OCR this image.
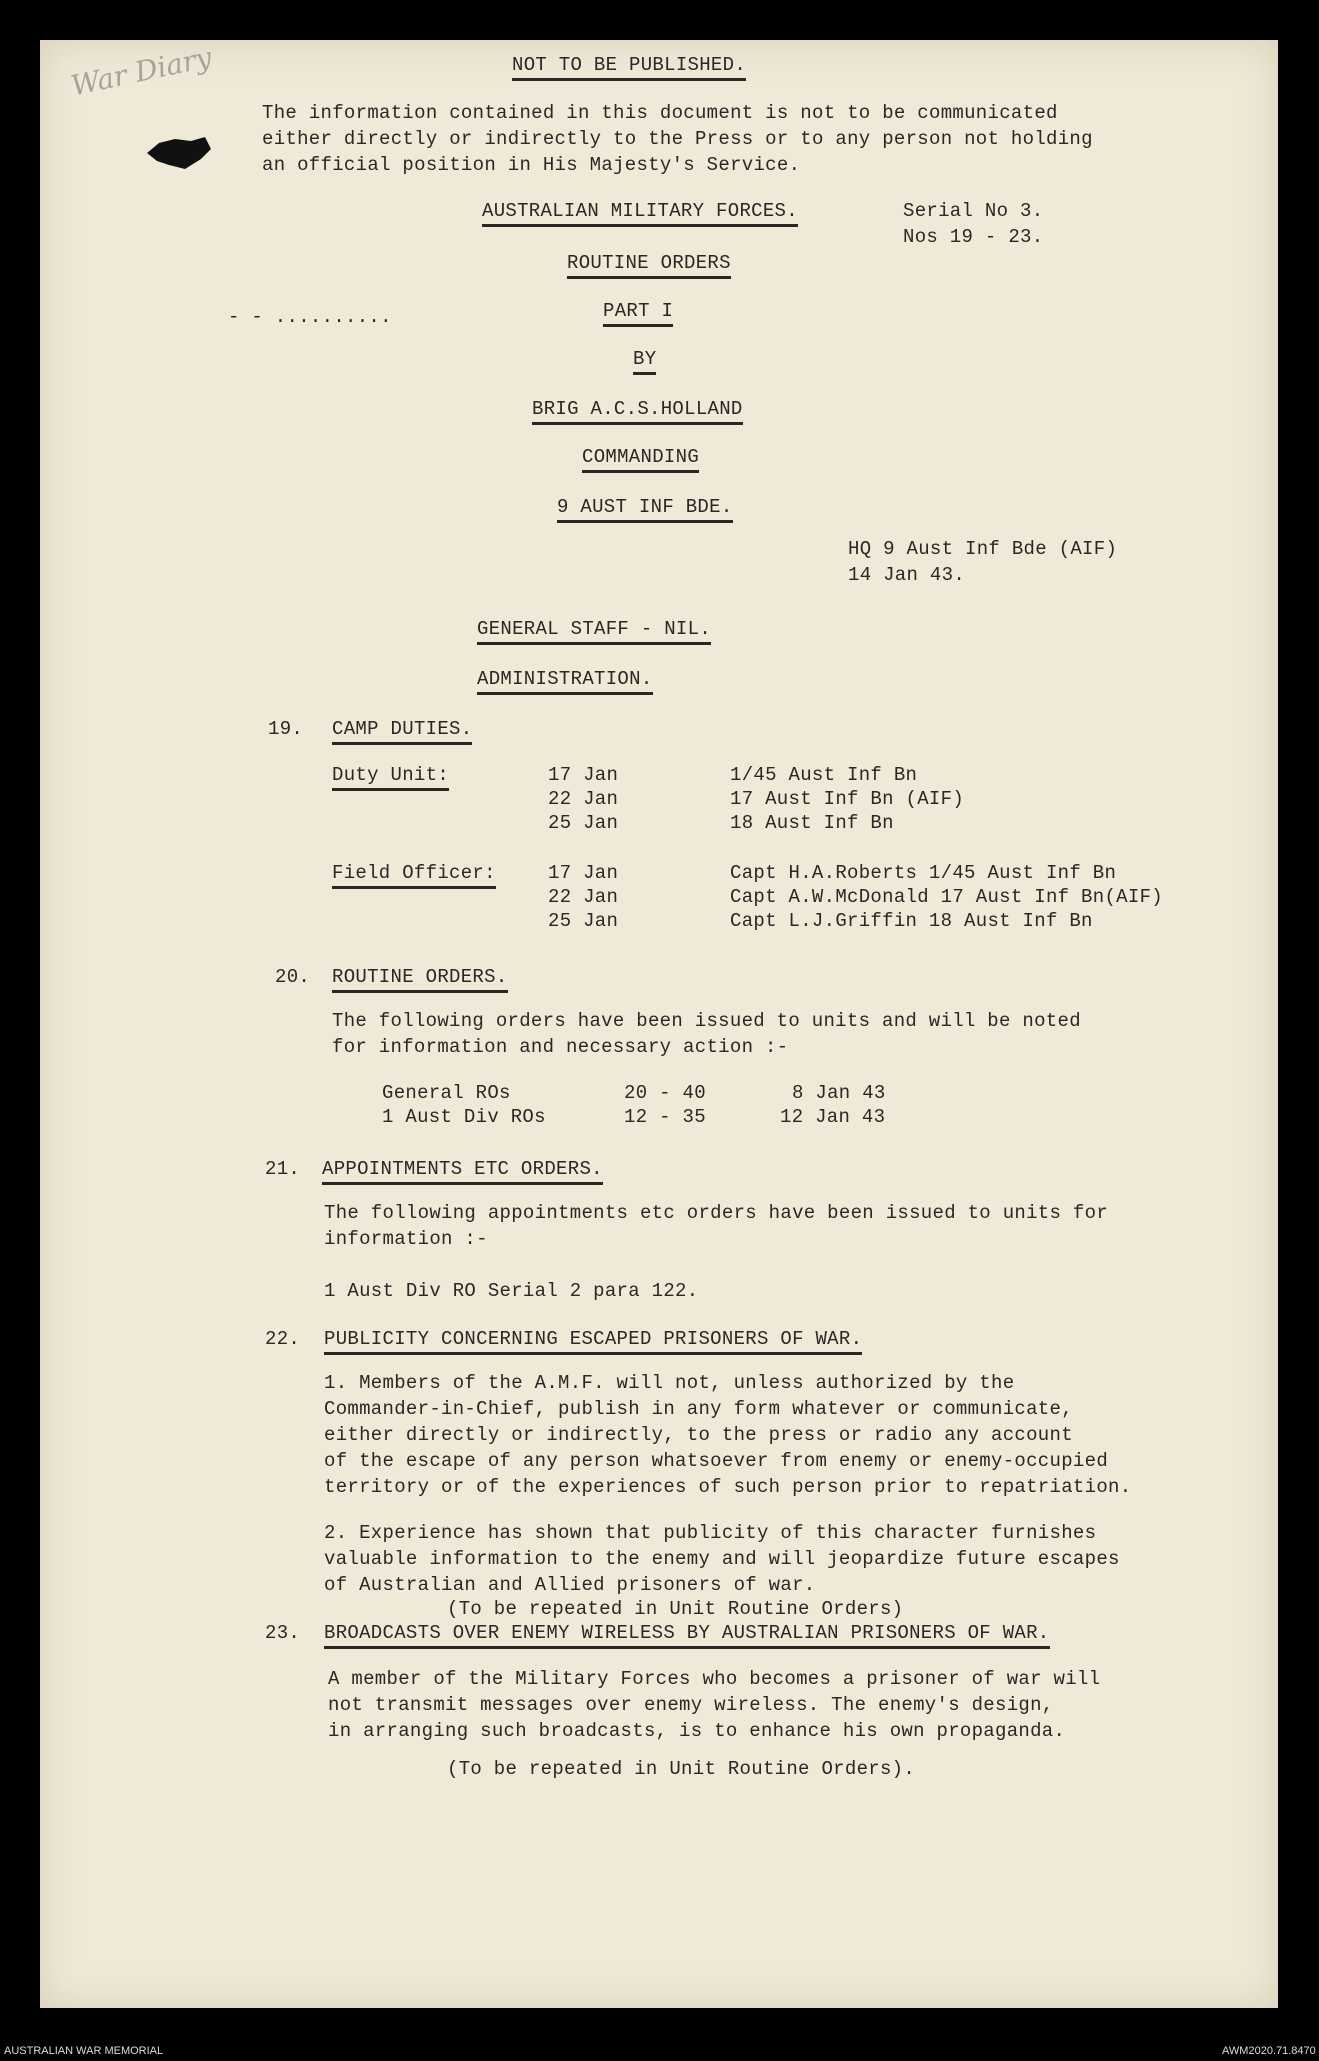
War Diary	NOT TO BE PUBLISHED.
The information contained in this document is not to be communicated
either directly or indirectly to the Press or to any person not holding
an official position in His Majesty's Service.
AUSTRALIAN MILITARY FORCES.	Serial No 3.
Nos 19 - 23.
ROUTINE ORDERS
- - ..........	PART I
BY
BRIG A.C.S.HOLLAND
COMMANDING
9 AUST INF BDE.
HQ 9 Aust Inf Bde (AIF)
14 Jan 43.
GENERAL STAFF - NIL.
ADMINISTRATION.
19. CAMP DUTIES.
Duty Unit:	17 Jan	1/45 Aust Inf Bn
22 Jan	17 Aust Inf Bn (AIF)
25 Jan	18 Aust Inf Bn
Field Officer:	17 Jan	Capt H.A.Roberts 1/45 Aust Inf Bn
22 Jan	Capt A.W.McDonald 17 Aust Inf Bn(AIF)
25 Jan	Capt L.J.Griffin 18 Aust Inf Bn
20. ROUTINE ORDERS.
The following orders have been issued to units and will be noted
for information and necessary action :-
General ROs	20 - 40	8 Jan 43
1 Aust Div ROs	12 - 35	12 Jan 43
21. APPOINTMENTS ETC ORDERS.
The following appointments etc orders have been issued to units for
information :-
1 Aust Div RO Serial 2 para 122.
22. PUBLICITY CONCERNING ESCAPED PRISONERS OF WAR.
1. Members of the A.M.F. will not, unless authorized by the
Commander-in-Chief, publish in any form whatever or communicate,
either directly or indirectly, to the press or radio any account
of the escape of any person whatsoever from enemy or enemy-occupied
territory or of the experiences of such person prior to repatriation.
2. Experience has shown that publicity of this character furnishes
valuable information to the enemy and will jeopardize future escapes
of Australian and Allied prisoners of war.
(To be repeated in Unit Routine Orders)
23. BROADCASTS OVER ENEMY WIRELESS BY AUSTRALIAN PRISONERS OF WAR.
A member of the Military Forces who becomes a prisoner of war will
not transmit messages over enemy wireless. The enemy's design,
in arranging such broadcasts, is to enhance his own propaganda.
(To be repeated in Unit Routine Orders).
AUSTRALIAN WAR MEMORIAL	AWM2020.71.8470
